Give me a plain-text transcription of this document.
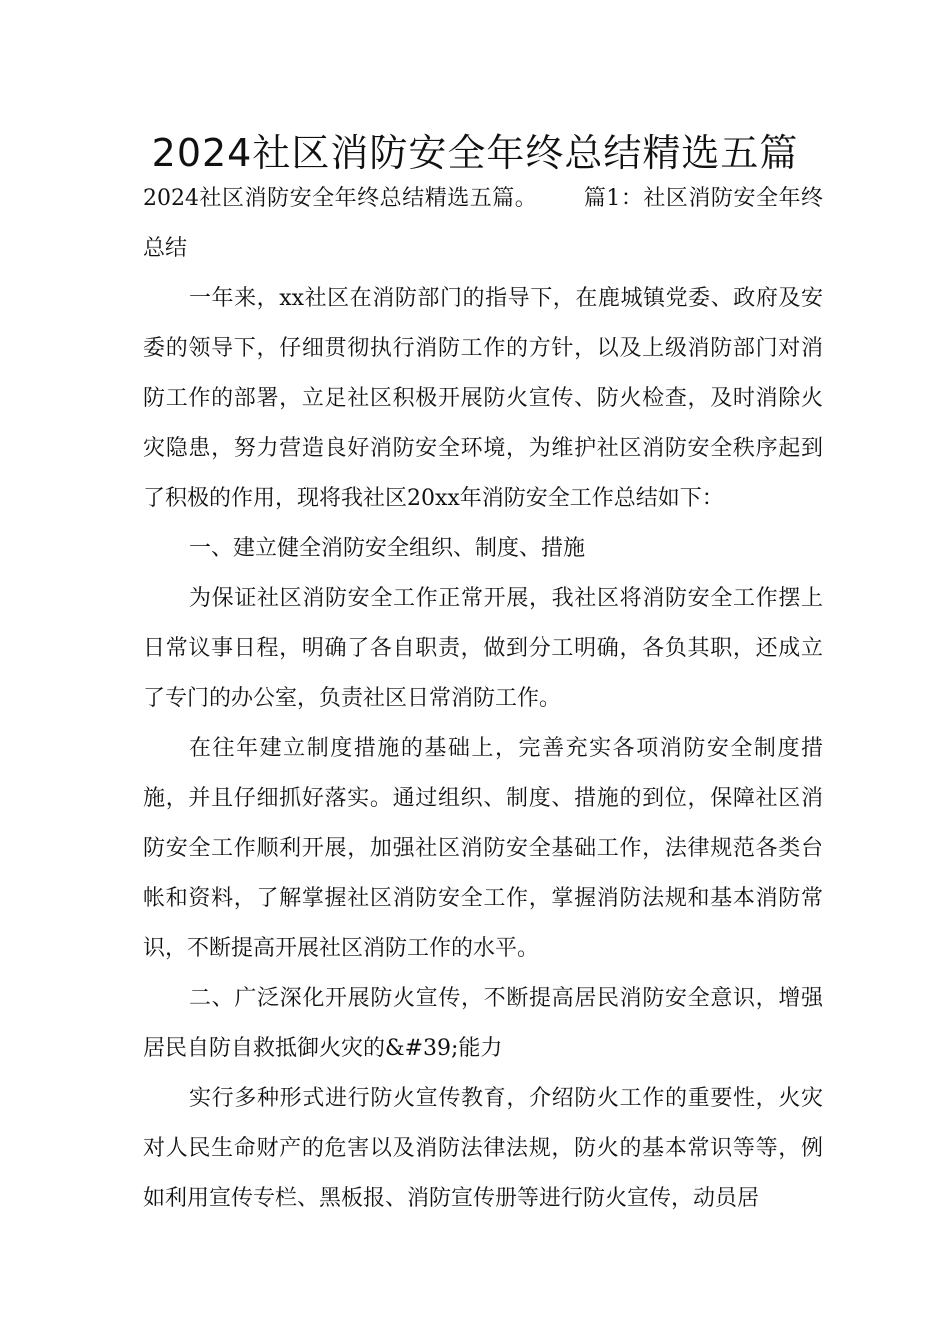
2024社区消防安全年终总结精选五篇

2024社区消防安全年终总结精选五篇。 篇1：社区消防安全年终总结

一年来，xx社区在消防部门的指导下，在鹿城镇党委、政府及安委的领导下，仔细贯彻执行消防工作的方针，以及上级消防部门对消防工作的部署，立足社区积极开展防火宣传、防火检查，及时消除火灾隐患，努力营造良好消防安全环境，为维护社区消防安全秩序起到了积极的作用，现将我社区20xx年消防安全工作总结如下：

一、建立健全消防安全组织、制度、措施

为保证社区消防安全工作正常开展，我社区将消防安全工作摆上日常议事日程，明确了各自职责，做到分工明确，各负其职，还成立了专门的办公室，负责社区日常消防工作。

在往年建立制度措施的基础上，完善充实各项消防安全制度措施，并且仔细抓好落实。通过组织、制度、措施的到位，保障社区消防安全工作顺利开展，加强社区消防安全基础工作，法律规范各类台帐和资料，了解掌握社区消防安全工作，掌握消防法规和基本消防常识，不断提高开展社区消防工作的水平。

二、广泛深化开展防火宣传，不断提高居民消防安全意识，增强居民自防自救抵御火灾的&#39;能力

实行多种形式进行防火宣传教育，介绍防火工作的重要性，火灾对人民生命财产的危害以及消防法律法规，防火的基本常识等等，例如利用宣传专栏、黑板报、消防宣传册等进行防火宣传，动员居
